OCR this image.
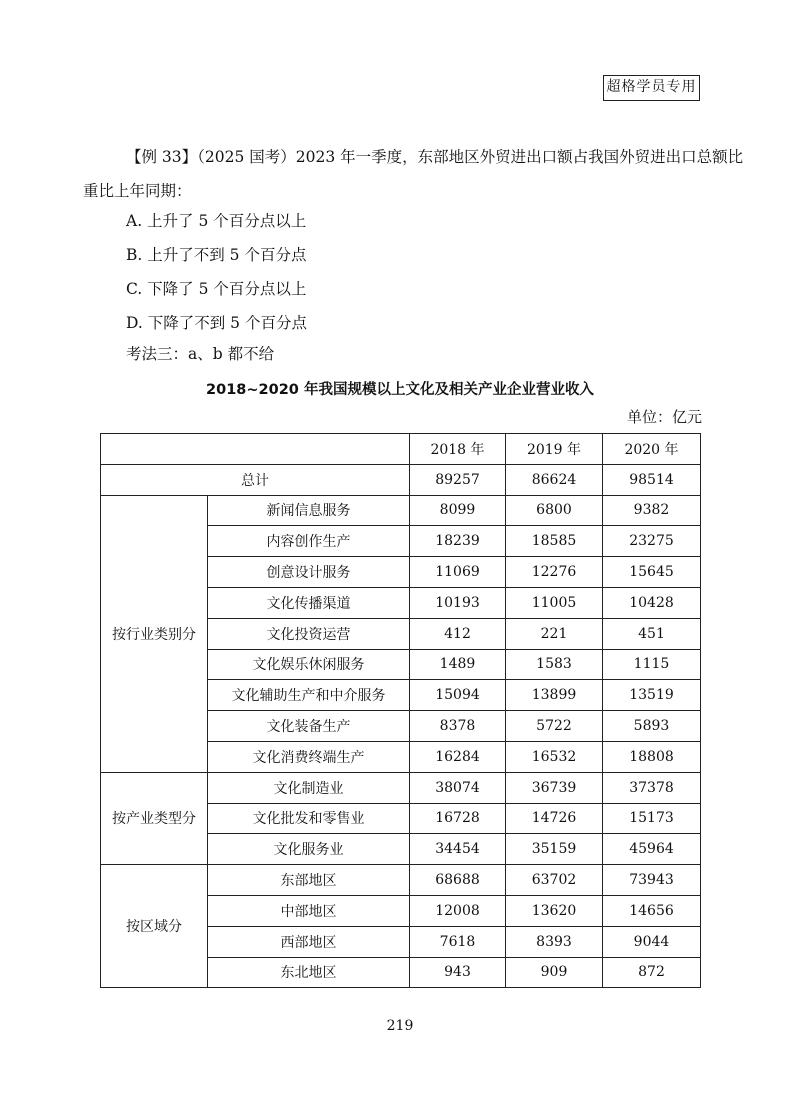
超格学员专用
【例 33】（2025 国考）2023 年一季度，东部地区外贸进出口额占我国外贸进出口总额比
重比上年同期：
A. 上升了 5 个百分点以上
B. 上升了不到 5 个百分点
C. 下降了 5 个百分点以上
D. 下降了不到 5 个百分点
考法三：a、b 都不给
2018~2020 年我国规模以上文化及相关产业企业营业收入
单位：亿元
		2018 年	2019 年	2020 年
总计		89257	86624	98514
按行业类别分	新闻信息服务	8099	6800	9382
	内容创作生产	18239	18585	23275
	创意设计服务	11069	12276	15645
	文化传播渠道	10193	11005	10428
	文化投资运营	412	221	451
	文化娱乐休闲服务	1489	1583	1115
	文化辅助生产和中介服务	15094	13899	13519
	文化装备生产	8378	5722	5893
	文化消费终端生产	16284	16532	18808
按产业类型分	文化制造业	38074	36739	37378
	文化批发和零售业	16728	14726	15173
	文化服务业	34454	35159	45964
按区域分	东部地区	68688	63702	73943
	中部地区	12008	13620	14656
	西部地区	7618	8393	9044
	东北地区	943	909	872
219
